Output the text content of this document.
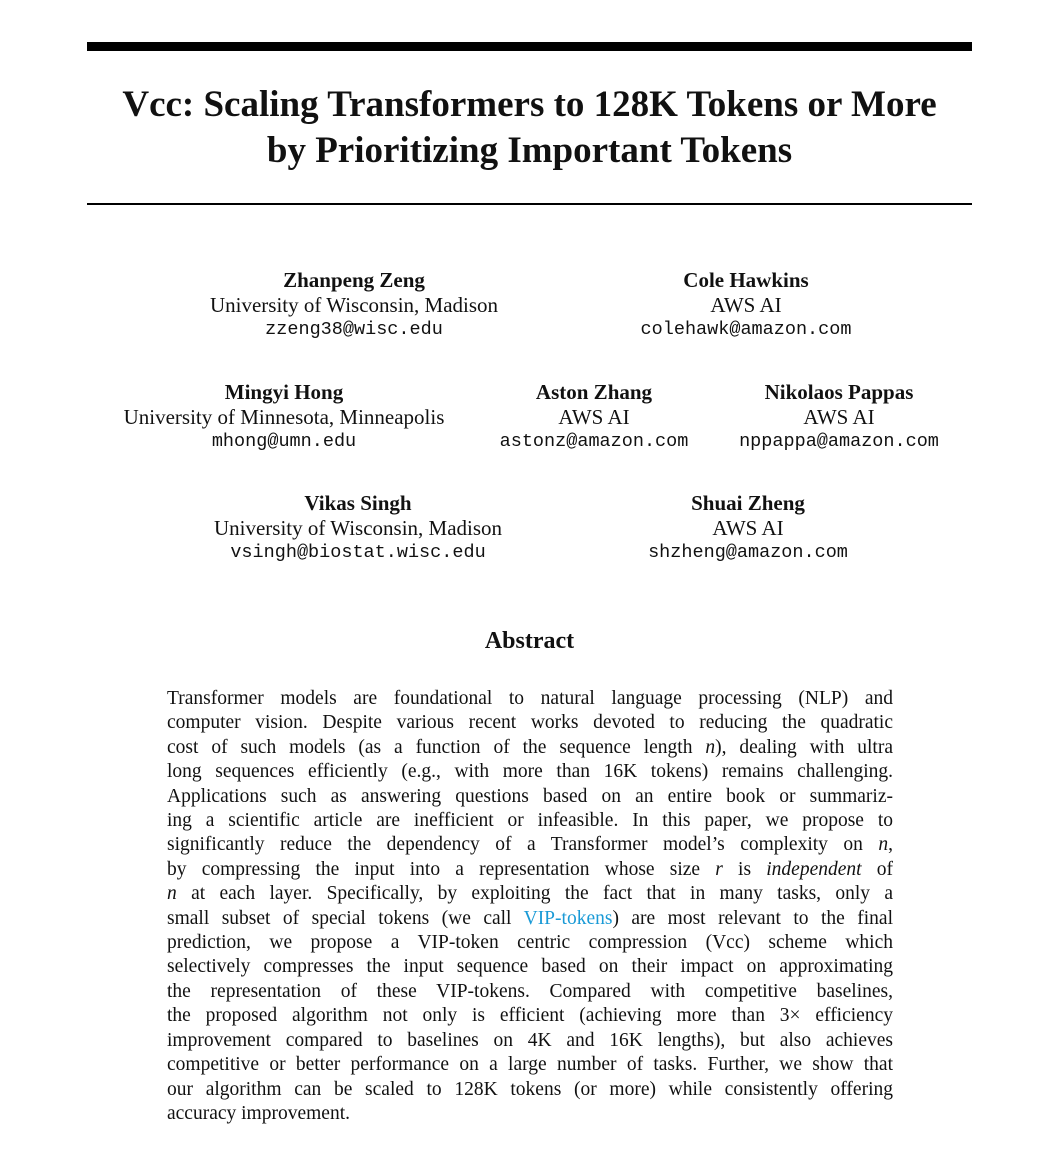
Vcc: Scaling Transformers to 128K Tokens or More
by Prioritizing Important Tokens
Zhanpeng Zeng
University of Wisconsin, Madison
zzeng38@wisc.edu
Cole Hawkins
AWS AI
colehawk@amazon.com
Mingyi Hong
University of Minnesota, Minneapolis
mhong@umn.edu
Aston Zhang
AWS AI
astonz@amazon.com
Nikolaos Pappas
AWS AI
nppappa@amazon.com
Vikas Singh
University of Wisconsin, Madison
vsingh@biostat.wisc.edu
Shuai Zheng
AWS AI
shzheng@amazon.com
Abstract
Transformer models are foundational to natural language processing (NLP) and
computer vision. Despite various recent works devoted to reducing the quadratic
cost of such models (as a function of the sequence length n), dealing with ultra
long sequences efficiently (e.g., with more than 16K tokens) remains challenging.
Applications such as answering questions based on an entire book or summariz-
ing a scientific article are inefficient or infeasible. In this paper, we propose to
significantly reduce the dependency of a Transformer model’s complexity on n,
by compressing the input into a representation whose size r is independent of
n at each layer. Specifically, by exploiting the fact that in many tasks, only a
small subset of special tokens (we call VIP-tokens) are most relevant to the final
prediction, we propose a VIP-token centric compression (Vcc) scheme which
selectively compresses the input sequence based on their impact on approximating
the representation of these VIP-tokens. Compared with competitive baselines,
the proposed algorithm not only is efficient (achieving more than 3× efficiency
improvement compared to baselines on 4K and 16K lengths), but also achieves
competitive or better performance on a large number of tasks. Further, we show that
our algorithm can be scaled to 128K tokens (or more) while consistently offering
accuracy improvement.
